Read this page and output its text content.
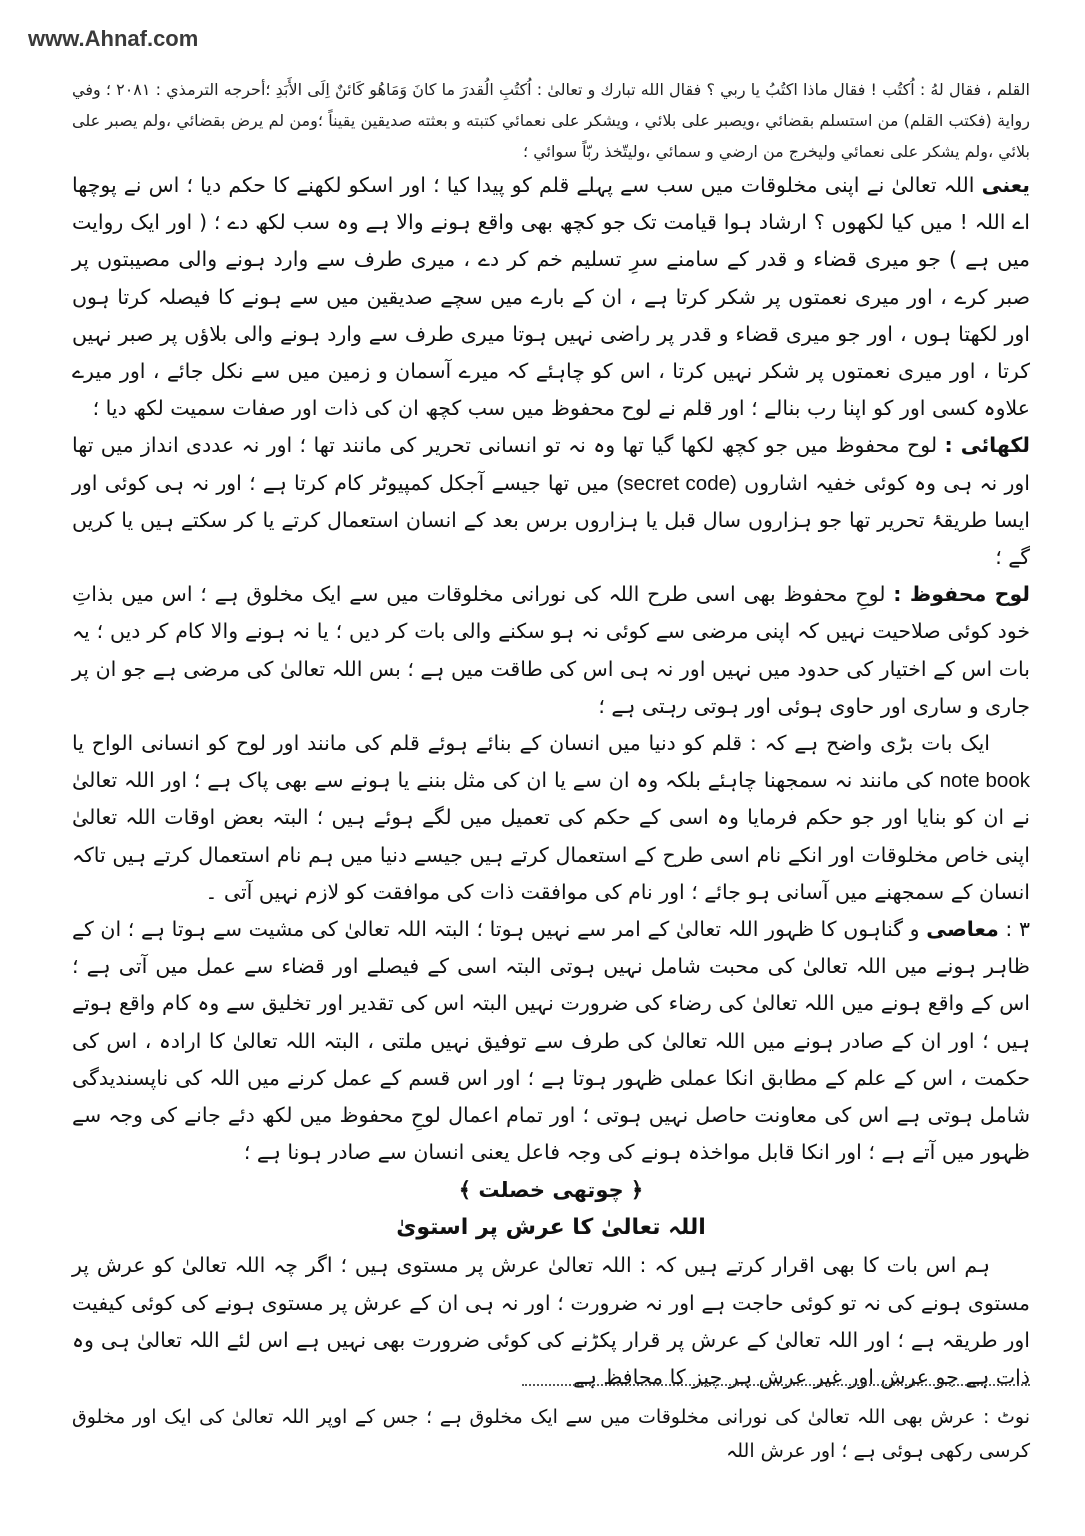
www.Ahnaf.com

القلم ، فقال لهُ : اُكتُب ! فقال ماذا اكتُبُ يا ربي ؟ فقال الله تبارك و تعالىٰ : اُكتُبِ الُقدرَ ما كانَ وَمَاهُو كَائنٌ اِلَى الأَبَدِ ؛أحرجه الترمذي : ٢٠٨١ ؛ وفي رواية (فكتب القلم) من استسلم بقضائي ،ويصبر على بلائي ، ويشكر على نعمائي كتبته و بعثته صديقين يقيناً ؛ومن لم يرض بقضائي ،ولم يصبر على بلائي ،ولم يشكر على نعمائي وليخرج من ارضي و سمائي ،وليتّخذ ربّاً سوائي ؛

یعنی اللہ تعالیٰ نے اپنی مخلوقات میں سب سے پہلے قلم کو پیدا کیا ؛ اور اسکو لکھنے کا حکم دیا ؛ اس نے پوچھا اے اللہ ! میں کیا لکھوں ؟ ارشاد ہوا قیامت تک جو کچھ بھی واقع ہونے والا ہے وہ سب لکھ دے ؛ ( اور ایک روایت میں ہے ) جو میری قضاء و قدر کے سامنے سرِ تسلیم خم کر دے ، میری طرف سے وارد ہونے والی مصیبتوں پر صبر کرے ، اور میری نعمتوں پر شکر کرتا ہے ، ان کے بارے میں سچے صدیقین میں سے ہونے کا فیصلہ کرتا ہوں اور لکھتا ہوں ، اور جو میری قضاء و قدر پر راضی نہیں ہوتا میری طرف سے وارد ہونے والی بلاؤں پر صبر نہیں کرتا ، اور میری نعمتوں پر شکر نہیں کرتا ، اس کو چاہئے کہ میرے آسمان و زمین میں سے نکل جائے ، اور میرے علاوہ کسی اور کو اپنا رب بنالے ؛ اور قلم نے لوح محفوظ میں سب کچھ ان کی ذات اور صفات سمیت لکھ دیا ؛

لکھائی : لوح محفوظ میں جو کچھ لکھا گیا تھا وہ نہ تو انسانی تحریر کی مانند تھا ؛ اور نہ عددی انداز میں تھا اور نہ ہی وہ کوئی خفیہ اشاروں (secret code) میں تھا جیسے آجکل کمپیوٹر کام کرتا ہے ؛ اور نہ ہی کوئی اور ایسا طریقۂ تحریر تھا جو ہزاروں سال قبل یا ہزاروں برس بعد کے انسان استعمال کرتے یا کر سکتے ہیں یا کریں گے ؛

لوح محفوظ : لوحِ محفوظ بھی اسی طرح اللہ کی نورانی مخلوقات میں سے ایک مخلوق ہے ؛ اس میں بذاتِ خود کوئی صلاحیت نہیں کہ اپنی مرضی سے کوئی نہ ہو سکنے والی بات کر دیں ؛ یا نہ ہونے والا کام کر دیں ؛ یہ بات اس کے اختیار کی حدود میں نہیں اور نہ ہی اس کی طاقت میں ہے ؛ بس اللہ تعالیٰ کی مرضی ہے جو ان پر جاری و ساری اور حاوی ہوئی اور ہوتی رہتی ہے ؛

ایک بات بڑی واضح ہے کہ : قلم کو دنیا میں انسان کے بنائے ہوئے قلم کی مانند اور لوح کو انسانی الواح یا note book کی مانند نہ سمجھنا چاہئے بلکہ وہ ان سے یا ان کی مثل بننے یا ہونے سے بھی پاک ہے ؛ اور اللہ تعالیٰ نے ان کو بنایا اور جو حکم فرمایا وہ اسی کے حکم کی تعمیل میں لگے ہوئے ہیں ؛ البتہ بعض اوقات اللہ تعالیٰ اپنی خاص مخلوقات اور انکے نام اسی طرح کے استعمال کرتے ہیں جیسے دنیا میں ہم نام استعمال کرتے ہیں تاکہ انسان کے سمجھنے میں آسانی ہو جائے ؛ اور نام کی موافقت ذات کی موافقت کو لازم نہیں آتی ۔

۳ : معاصی و گناہوں کا ظہور اللہ تعالیٰ کے امر سے نہیں ہوتا ؛ البتہ اللہ تعالیٰ کی مشیت سے ہوتا ہے ؛ ان کے ظاہر ہونے میں اللہ تعالیٰ کی محبت شامل نہیں ہوتی البتہ اسی کے فیصلے اور قضاء سے عمل میں آتی ہے ؛ اس کے واقع ہونے میں اللہ تعالیٰ کی رضاء کی ضرورت نہیں البتہ اس کی تقدیر اور تخلیق سے وہ کام واقع ہوتے ہیں ؛ اور ان کے صادر ہونے میں اللہ تعالیٰ کی طرف سے توفیق نہیں ملتی ، البتہ اللہ تعالیٰ کا ارادہ ، اس کی حکمت ، اس کے علم کے مطابق انکا عملی ظہور ہوتا ہے ؛ اور اس قسم کے عمل کرنے میں اللہ کی ناپسندیدگی شامل ہوتی ہے اس کی معاونت حاصل نہیں ہوتی ؛ اور تمام اعمال لوحِ محفوظ میں لکھ دئے جانے کی وجہ سے ظہور میں آتے ہے ؛ اور انکا قابل مواخذہ ہونے کی وجہ فاعل یعنی انسان سے صادر ہونا ہے ؛

﴿ چوتھی خصلت ﴾

اللہ تعالیٰ کا عرش پر استویٰ

ہم اس بات کا بھی اقرار کرتے ہیں کہ : اللہ تعالیٰ عرش پر مستوی ہیں ؛ اگر چہ اللہ تعالیٰ کو عرش پر مستوی ہونے کی نہ تو کوئی حاجت ہے اور نہ ضرورت ؛ اور نہ ہی ان کے عرش پر مستوی ہونے کی کوئی کیفیت اور طریقہ ہے ؛ اور اللہ تعالیٰ کے عرش پر قرار پکڑنے کی کوئی ضرورت بھی نہیں ہے اس لئے اللہ تعالیٰ ہی وہ ذات ہے جو عرش اور غیر عرش ہر چیز کا محافظ ہے

نوٹ : عرش بھی اللہ تعالیٰ کی نورانی مخلوقات میں سے ایک مخلوق ہے ؛ جس کے اوپر اللہ تعالیٰ کی ایک اور مخلوق کرسی رکھی ہوئی ہے ؛ اور عرش اللہ
